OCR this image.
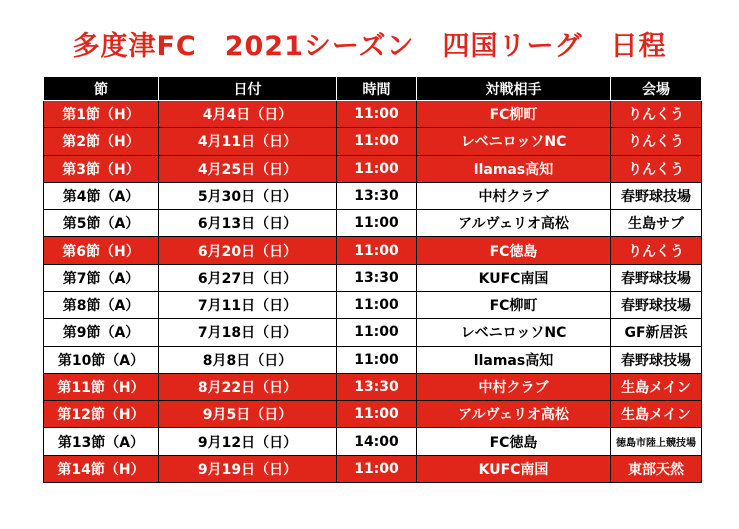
多度津FC　2021シーズン　四国リーグ　日程
節	日付	時間	対戦相手	会場
第1節（H）	4月4日（日）	11:00	FC柳町	りんくう
第2節（H）	4月11日（日）	11:00	レベニロッソNC	りんくう
第3節（H）	4月25日（日）	11:00	llamas高知	りんくう
第4節（A）	5月30日（日）	13:30	中村クラブ	春野球技場
第5節（A）	6月13日（日）	11:00	アルヴェリオ高松	生島サブ
第6節（H）	6月20日（日）	11:00	FC徳島	りんくう
第7節（A）	6月27日（日）	13:30	KUFC南国	春野球技場
第8節（A）	7月11日（日）	11:00	FC柳町	春野球技場
第9節（A）	7月18日（日）	11:00	レベニロッソNC	GF新居浜
第10節（A）	8月8日（日）	11:00	llamas高知	春野球技場
第11節（H）	8月22日（日）	13:30	中村クラブ	生島メイン
第12節（H）	9月5日（日）	11:00	アルヴェリオ高松	生島メイン
第13節（A）	9月12日（日）	14:00	FC徳島	徳島市陸上競技場
第14節（H）	9月19日（日）	11:00	KUFC南国	東部天然
